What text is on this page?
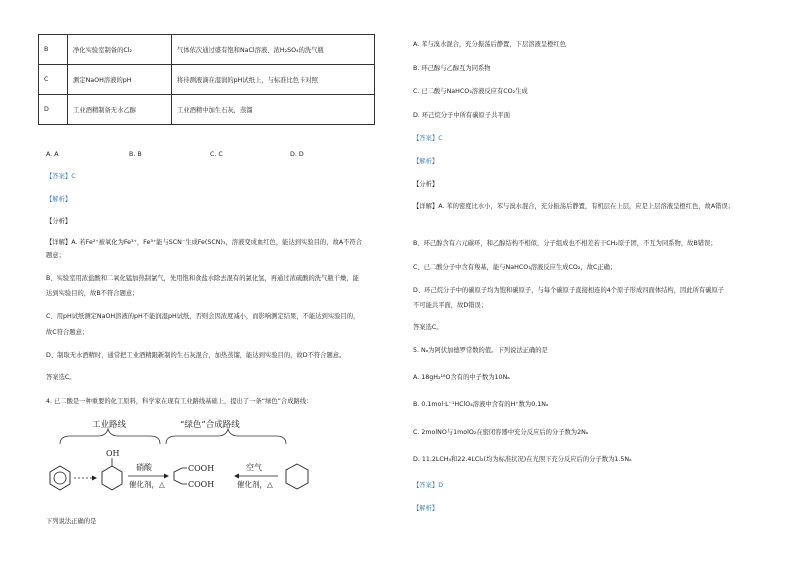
B	净化实验室制备的Cl₂	气体依次通过盛有饱和NaCl溶液、浓H₂SO₄的洗气瓶
C	测定NaOH溶液的pH	将待测液滴在湿润的pH试纸上，与标准比色卡对照
D	工业酒精制备无水乙醇	工业酒精中加生石灰，蒸馏
A. A	B. B	C. C	D. D
【答案】C
【解析】
【分析】
【详解】A. 若Fe²⁺被氧化为Fe³⁺，Fe³⁺能与SCN⁻生成Fe(SCN)₃，溶液变成血红色，能达到实验目的，故A不符合
题意；
B、实验室用浓盐酸和二氧化锰加热制氯气，先用饱和食盐水除去混有的氯化氢，再通过浓硫酸的洗气瓶干燥，能
达到实验目的，故B不符合题意；
C、用pH试纸测定NaOH溶液的pH不能润湿pH试纸，否则会因浓度减小，而影响测定结果，不能达到实验目的，
故C符合题意；
D、制取无水酒精时，通常把工业酒精跟新制的生石灰混合，加热蒸馏，能达到实验目的，故D不符合题意。
答案选C。
4. 已二酸是一种重要的化工原料，科学家在现有工业路线基础上，提出了一条“绿色”合成路线：
工业路线	“绿色”合成路线
OH
硝酸
催化剂，△
COOH
COOH
空气
催化剂，△
下列说法正确的是
A. 苯与溴水混合，充分振荡后静置，下层溶液呈橙红色
B. 环己醇与乙醇互为同系物
C. 已二酸与NaHCO₃溶液反应有CO₂生成
D. 环己烷分子中所有碳原子共平面
【答案】C
【解析】
【分析】
【详解】A. 苯的密度比水小，苯与溴水混合，充分振荡后静置，有机层在上层，应是上层溶液呈橙红色，故A错误；
B、环己醇含有六元碳环，和乙醇结构不相似，分子组成也不相差若干CH₂原子团，不互为同系物，故B错误；
C、已二酸分子中含有羧基，能与NaHCO₃溶液反应生成CO₂，故C正确；
D、环己烷分子中的碳原子均为饱和碳原子，与每个碳原子直接相连的4个原子形成四面体结构，因此所有碳原子
不可能共平面，故D错误；
答案选C。
5. Nₐ为阿伏加德罗常数的值。下列说法正确的是
A. 18gH₂¹⁸O含有的中子数为10Nₐ
B. 0.1mol·L⁻¹HClO₄溶液中含有的H⁺数为0.1Nₐ
C. 2molNO与1molO₂在密闭容器中充分反应后的分子数为2Nₐ
D. 11.2LCH₄和22.4LCl₂(均为标准状况)在光照下充分反应后的分子数为1.5Nₐ
【答案】D
【解析】
